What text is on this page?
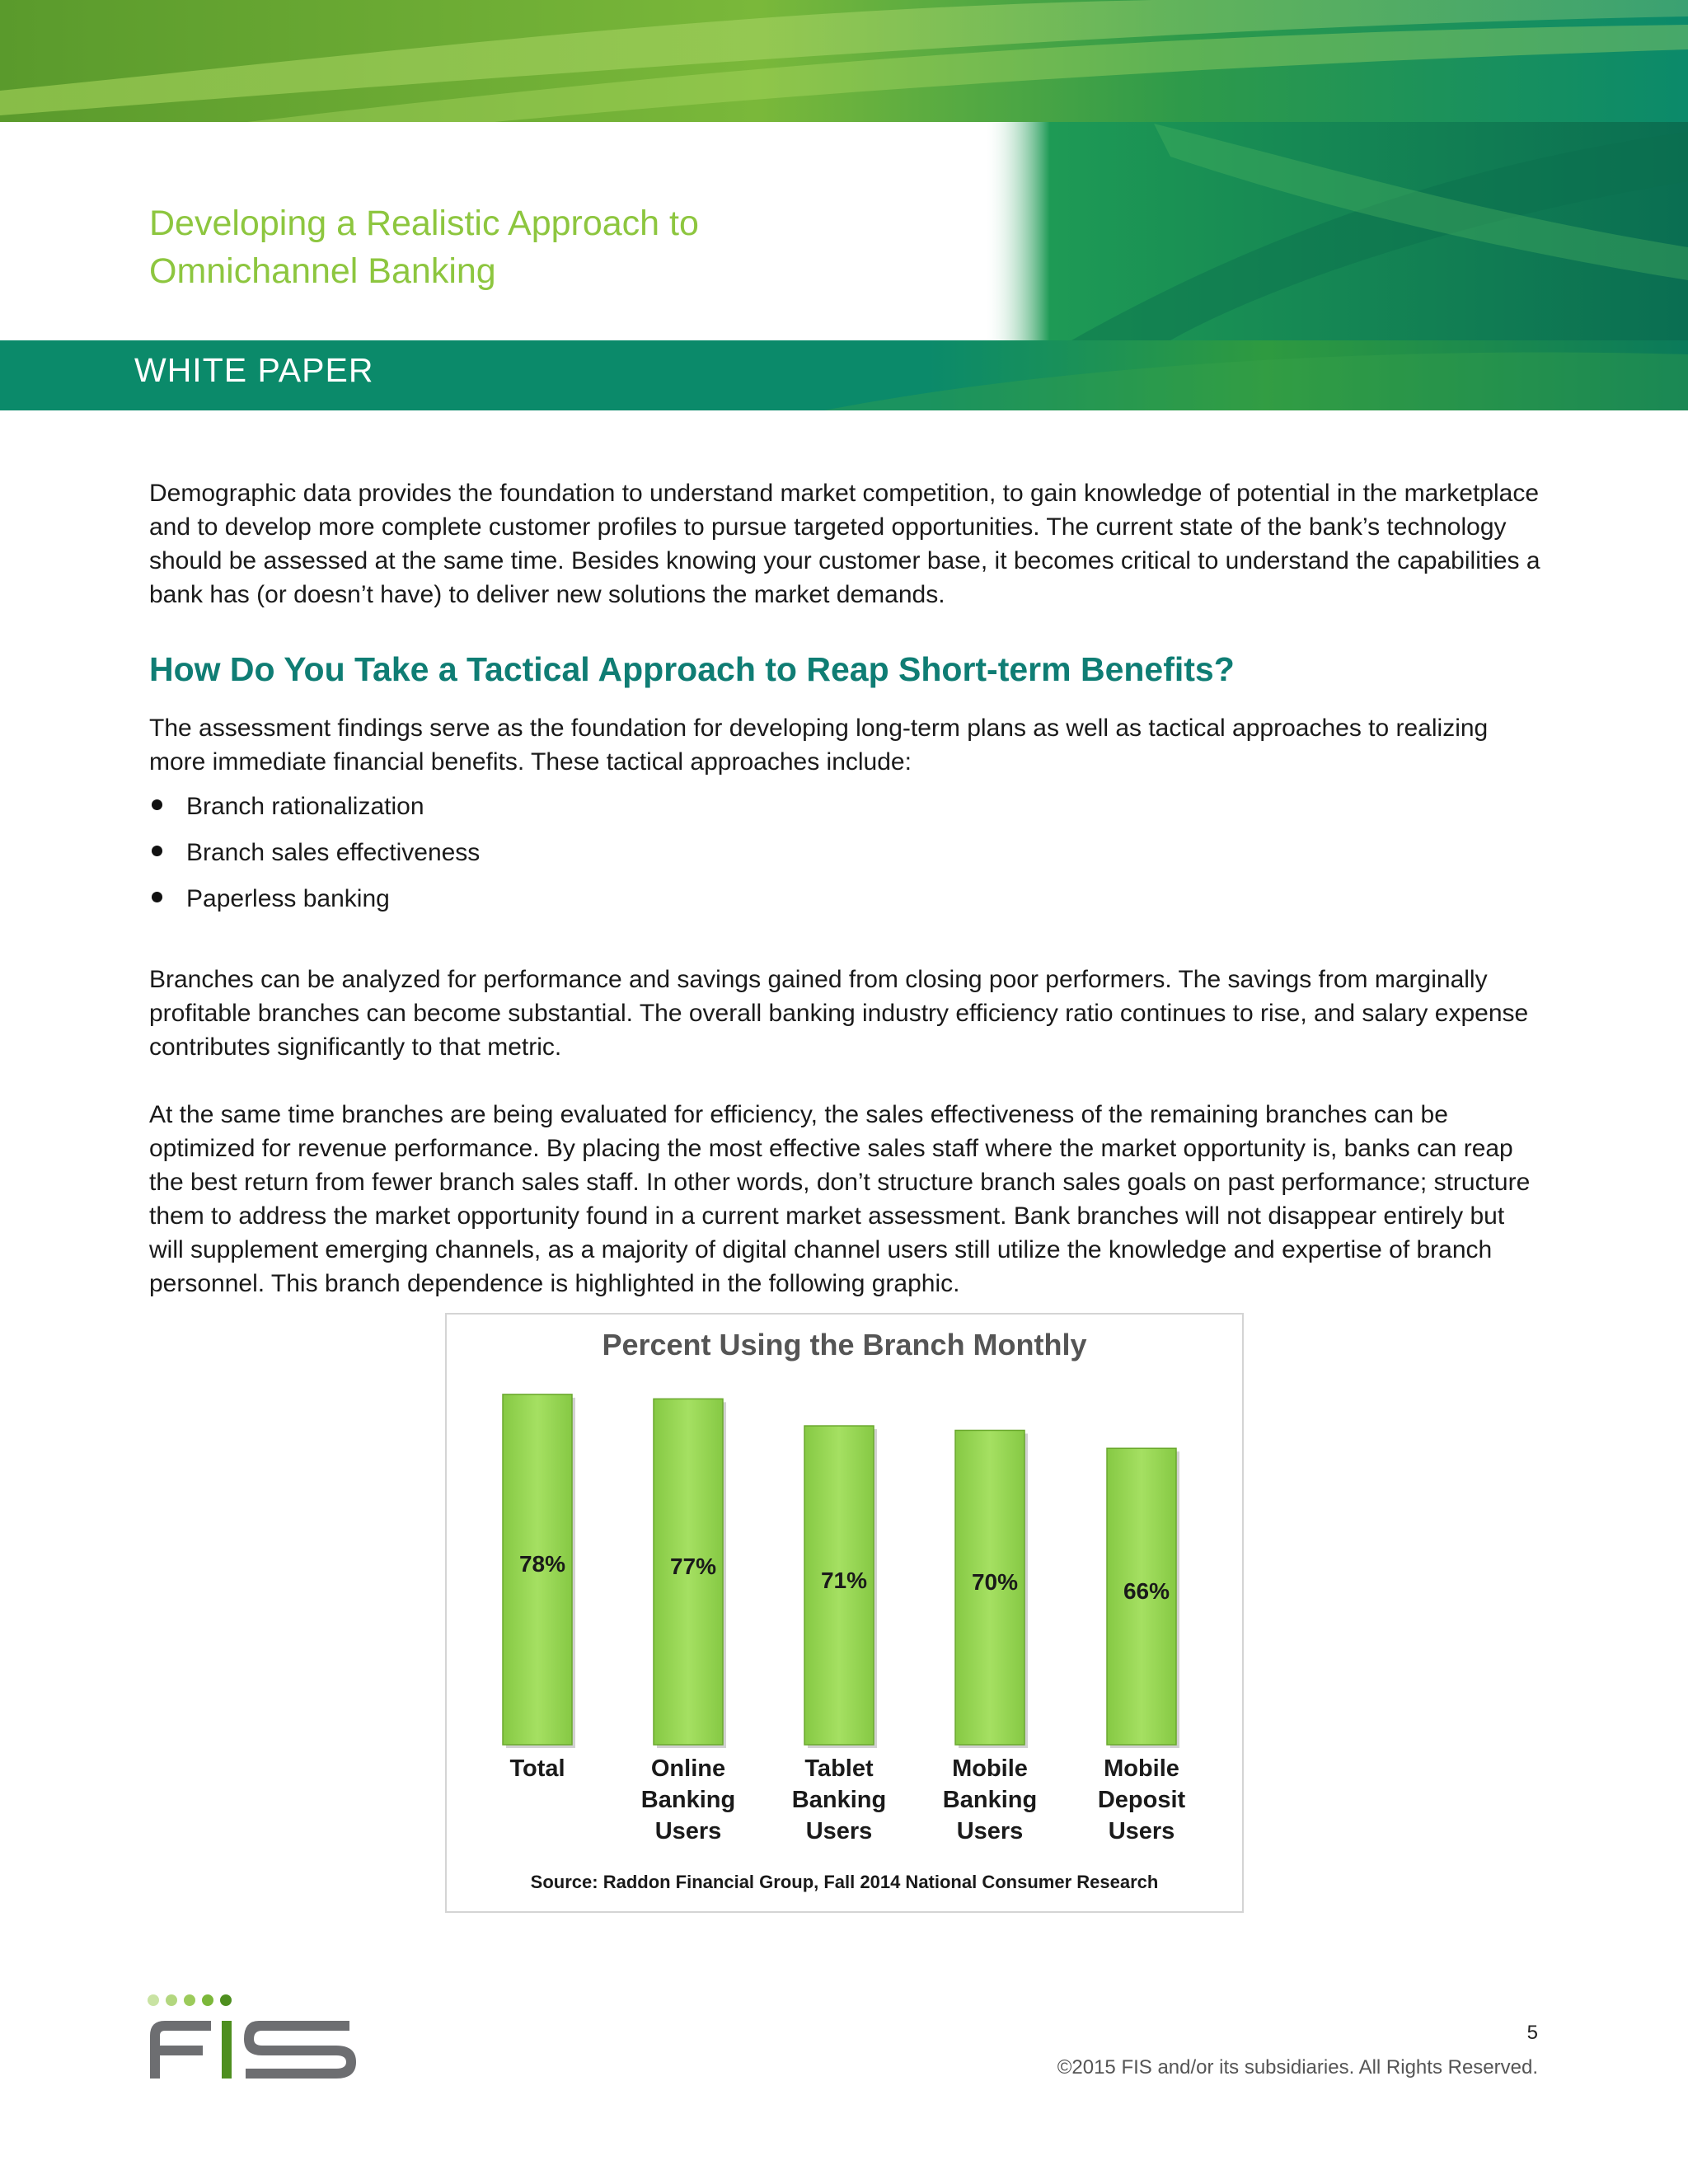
Developing a Realistic Approach to
Omnichannel Banking
WHITE PAPER

Demographic data provides the foundation to understand market competition, to gain knowledge of potential in the marketplace and to develop more complete customer profiles to pursue targeted opportunities. The current state of the bank’s technology should be assessed at the same time. Besides knowing your customer base, it becomes critical to understand the capabilities a bank has (or doesn’t have) to deliver new solutions the market demands.

How Do You Take a Tactical Approach to Reap Short-term Benefits?

The assessment findings serve as the foundation for developing long-term plans as well as tactical approaches to realizing more immediate financial benefits. These tactical approaches include:

Branch rationalization
Branch sales effectiveness
Paperless banking

Branches can be analyzed for performance and savings gained from closing poor performers. The savings from marginally profitable branches can become substantial. The overall banking industry efficiency ratio continues to rise, and salary expense contributes significantly to that metric.

At the same time branches are being evaluated for efficiency, the sales effectiveness of the remaining branches can be optimized for revenue performance. By placing the most effective sales staff where the market opportunity is, banks can reap the best return from fewer branch sales staff. In other words, don’t structure branch sales goals on past performance; structure them to address the market opportunity found in a current market assessment. Bank branches will not disappear entirely but will supplement emerging channels, as a majority of digital channel users still utilize the knowledge and expertise of branch personnel. This branch dependence is highlighted in the following graphic.

Percent Using the Branch Monthly
Source: Raddon Financial Group, Fall 2014 National Consumer Research
78%
Total
77%
Online
Banking
Users
71%
Tablet
Banking
Users
70%
Mobile
Banking
Users
66%
Mobile
Deposit
Users
5
©2015 FIS and/or its subsidiaries. All Rights Reserved.
